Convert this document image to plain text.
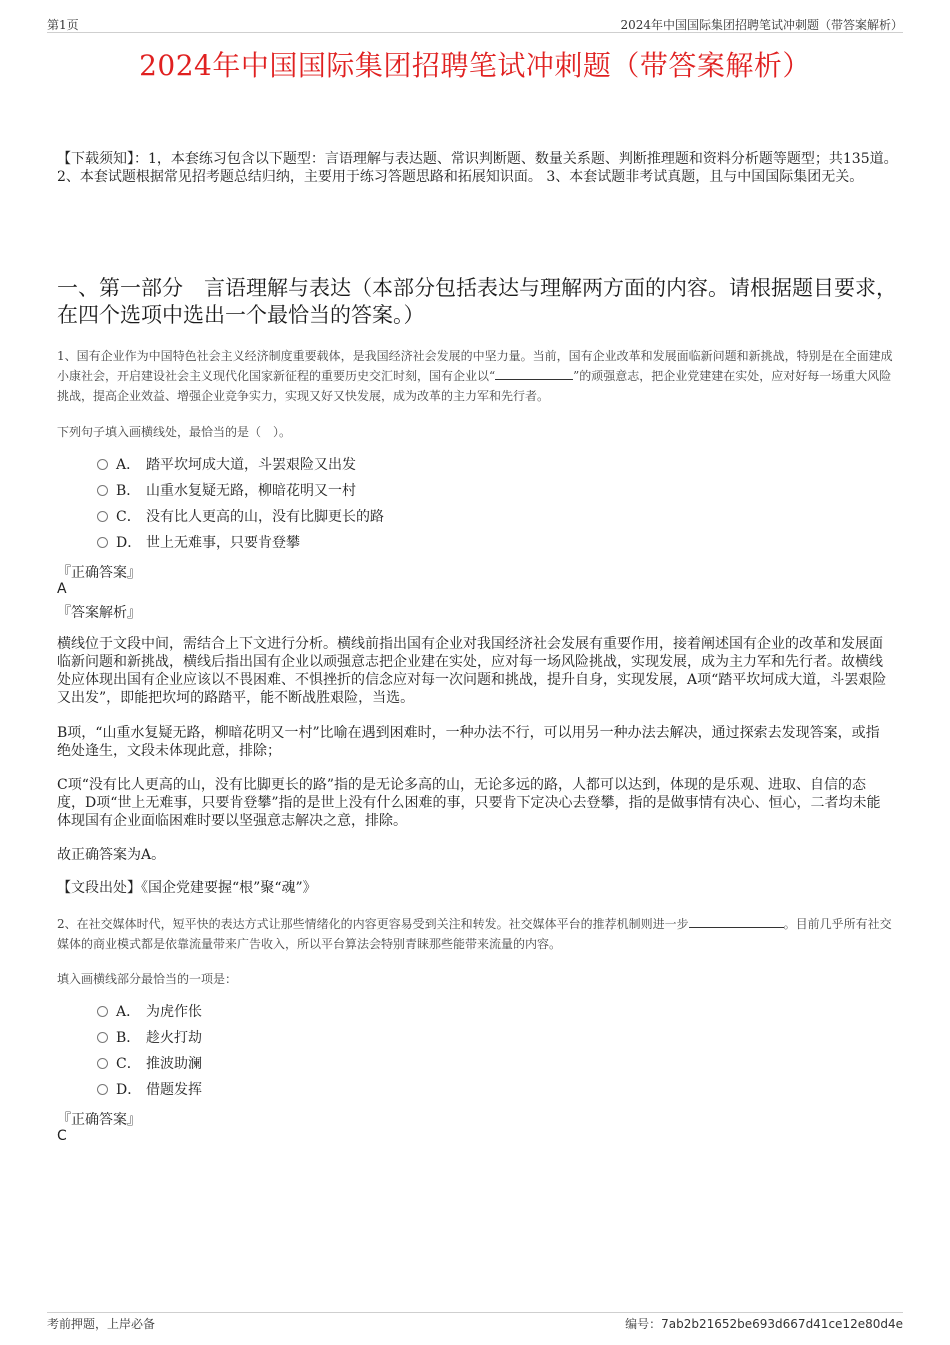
第1页	2024年中国国际集团招聘笔试冲刺题（带答案解析）
2024年中国国际集团招聘笔试冲刺题（带答案解析）
【下载须知】：1，本套练习包含以下题型：言语理解与表达题、常识判断题、数量关系题、判断推理题和资料分析题等题型；共135道。 2、本套试题根据常见招考题总结归纳，主要用于练习答题思路和拓展知识面。 3、本套试题非考试真题，且与中国国际集团无关。
一、第一部分　言语理解与表达（本部分包括表达与理解两方面的内容。请根据题目要求，在四个选项中选出一个最恰当的答案。）
1、国有企业作为中国特色社会主义经济制度重要载体，是我国经济社会发展的中坚力量。当前，国有企业改革和发展面临新问题和新挑战，特别是在全面建成小康社会，开启建设社会主义现代化国家新征程的重要历史交汇时刻，国有企业以“	”的顽强意志，把企业党建建在实处，应对好每一场重大风险挑战，提高企业效益、增强企业竞争实力，实现又好又快发展，成为改革的主力军和先行者。
下列句子填入画横线处，最恰当的是（　）。
A． 踏平坎坷成大道，斗罢艰险又出发
B． 山重水复疑无路，柳暗花明又一村
C． 没有比人更高的山，没有比脚更长的路
D． 世上无难事，只要肯登攀
『正确答案』
A
『答案解析』
横线位于文段中间，需结合上下文进行分析。横线前指出国有企业对我国经济社会发展有重要作用，接着阐述国有企业的改革和发展面临新问题和新挑战，横线后指出国有企业以顽强意志把企业建在实处，应对每一场风险挑战，实现发展，成为主力军和先行者。故横线处应体现出国有企业应该以不畏困难、不惧挫折的信念应对每一次问题和挑战，提升自身，实现发展，A项“踏平坎坷成大道，斗罢艰险又出发”，即能把坎坷的路踏平，能不断战胜艰险，当选。
B项，“山重水复疑无路，柳暗花明又一村”比喻在遇到困难时，一种办法不行，可以用另一种办法去解决，通过探索去发现答案，或指绝处逢生，文段未体现此意，排除；
C项“没有比人更高的山，没有比脚更长的路”指的是无论多高的山，无论多远的路，人都可以达到，体现的是乐观、进取、自信的态度，D项“世上无难事，只要肯登攀”指的是世上没有什么困难的事，只要肯下定决心去登攀，指的是做事情有决心、恒心，二者均未能体现国有企业面临困难时要以坚强意志解决之意，排除。
故正确答案为A。
【文段出处】《国企党建要握“根”聚“魂”》
2、在社交媒体时代，短平快的表达方式让那些情绪化的内容更容易受到关注和转发。社交媒体平台的推荐机制则进一步	。目前几乎所有社交媒体的商业模式都是依靠流量带来广告收入，所以平台算法会特别青睐那些能带来流量的内容。
填入画横线部分最恰当的一项是：
A． 为虎作伥
B． 趁火打劫
C． 推波助澜
D． 借题发挥
『正确答案』
C
考前押题，上岸必备	编号：7ab2b21652be693d667d41ce12e80d4e
